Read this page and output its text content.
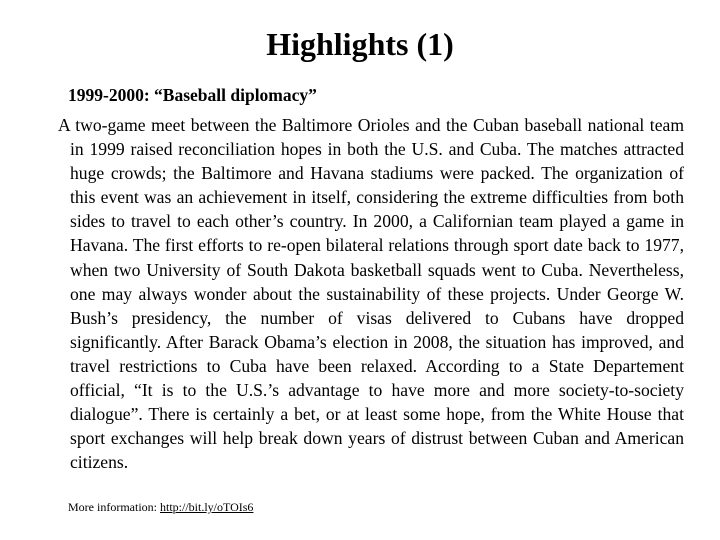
Highlights (1)
1999-2000: “Baseball diplomacy”
A two-game meet between the Baltimore Orioles and the Cuban baseball national team in 1999 raised reconciliation hopes in both the U.S. and Cuba. The matches attracted huge crowds; the Baltimore and Havana stadiums were packed. The organization of this event was an achievement in itself, considering the extreme difficulties from both sides to travel to each other’s country. In 2000, a Californian team played a game in Havana. The first efforts to re-open bilateral relations through sport date back to 1977, when two University of South Dakota basketball squads went to Cuba. Nevertheless, one may always wonder about the sustainability of these projects. Under George W. Bush’s presidency, the number of visas delivered to Cubans have dropped significantly. After Barack Obama’s election in 2008, the situation has improved, and travel restrictions to Cuba have been relaxed. According to a State Departement official, “It is to the U.S.’s advantage to have more and more society-to-society dialogue”. There is certainly a bet, or at least some hope, from the White House that sport exchanges will help break down years of distrust between Cuban and American citizens.
More information: http://bit.ly/oTOIs6
